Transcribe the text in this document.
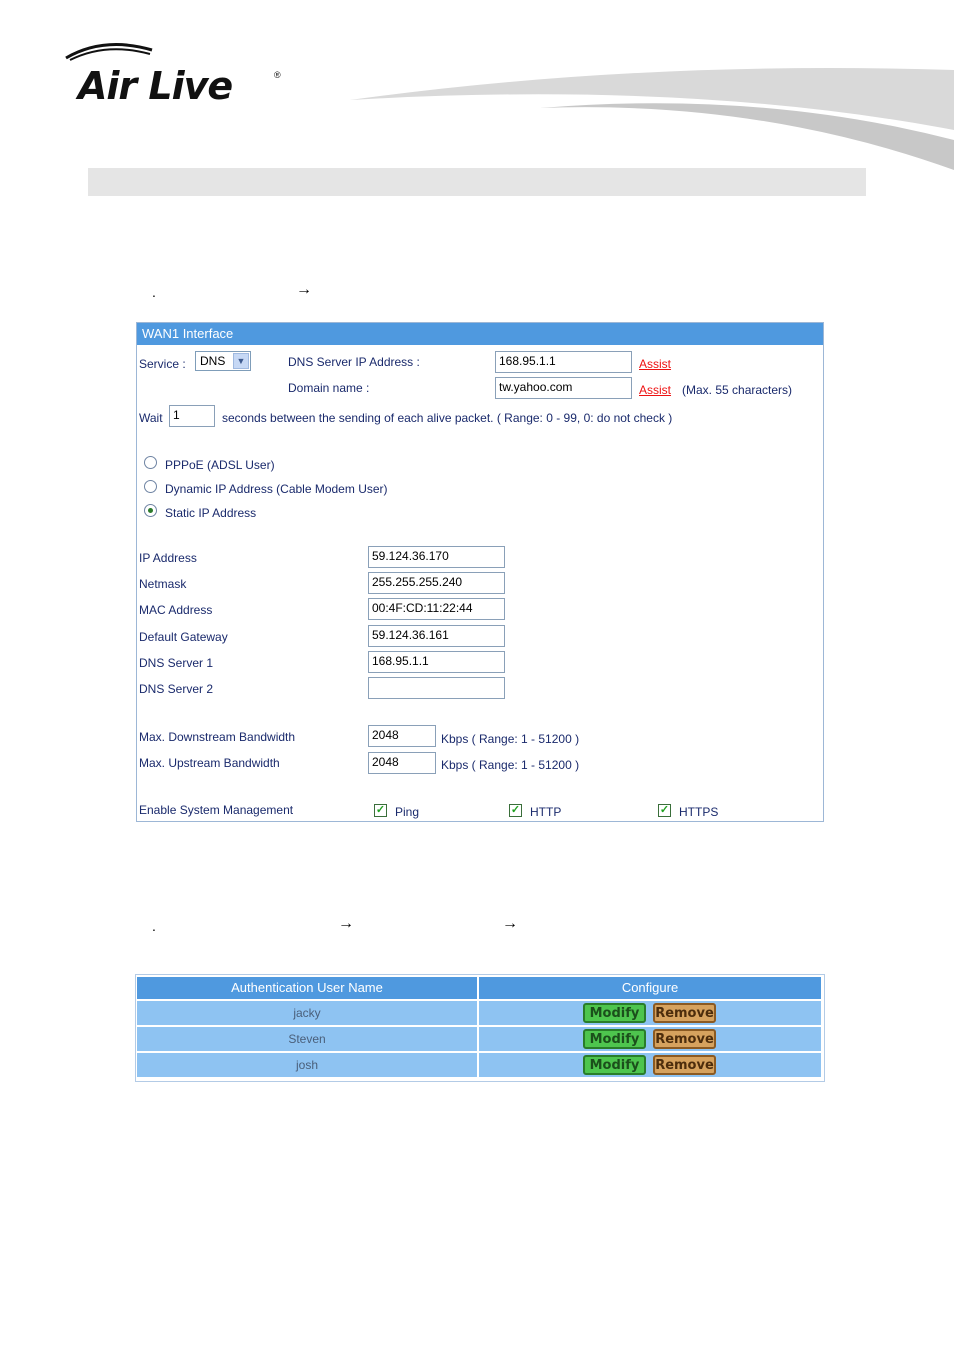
Air Live	®
.	→
WAN1 Interface
Service : DNS	▼	DNS Server IP Address :	168.95.1.1	Assist
Domain name :	tw.yahoo.com	Assist (Max. 55 characters)
Wait 1	seconds between the sending of each alive packet. ( Range: 0 - 99, 0: do not check )
PPPoE (ADSL User)
Dynamic IP Address (Cable Modem User)
Static IP Address
IP Address	59.124.36.170
Netmask	255.255.255.240
MAC Address	00:4F:CD:11:22:44
Default Gateway	59.124.36.161
DNS Server 1	168.95.1.1
DNS Server 2
Max. Downstream Bandwidth	2048	Kbps ( Range: 1 - 51200 )
Max. Upstream Bandwidth	2048	Kbps ( Range: 1 - 51200 )
Enable System Management	✓ Ping	✓ HTTP	✓ HTTPS
.	→	→
Authentication User Name	Configure
jacky	Modify	Remove
Steven	Modify	Remove
josh	Modify	Remove
